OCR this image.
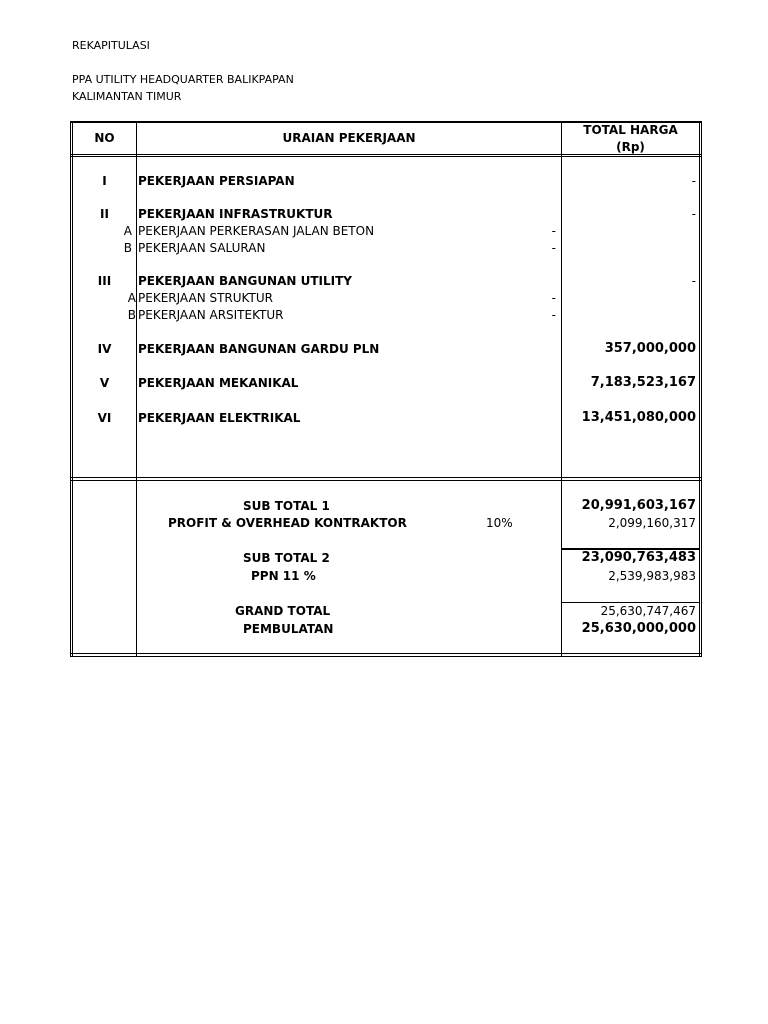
REKAPITULASI
PPA UTILITY HEADQUARTER BALIKPAPAN
KALIMANTAN TIMUR
NO	URAIAN PEKERJAAN
TOTAL HARGA
(Rp)
I	PEKERJAAN PERSIAPAN	-
II	PEKERJAAN INFRASTRUKTUR	-
A PEKERJAAN PERKERASAN JALAN BETON	-
B PEKERJAAN SALURAN	-
III	PEKERJAAN BANGUNAN UTILITY	-
A PEKERJAAN STRUKTUR	-
B PEKERJAAN ARSITEKTUR	-
IV	PEKERJAAN BANGUNAN GARDU PLN	357,000,000
V	PEKERJAAN MEKANIKAL	7,183,523,167
VI	PEKERJAAN ELEKTRIKAL	13,451,080,000
SUB TOTAL 1	20,991,603,167
PROFIT & OVERHEAD KONTRAKTOR	10%	2,099,160,317
SUB TOTAL 2	23,090,763,483
PPN 11 %	2,539,983,983
GRAND TOTAL	25,630,747,467
PEMBULATAN	25,630,000,000
